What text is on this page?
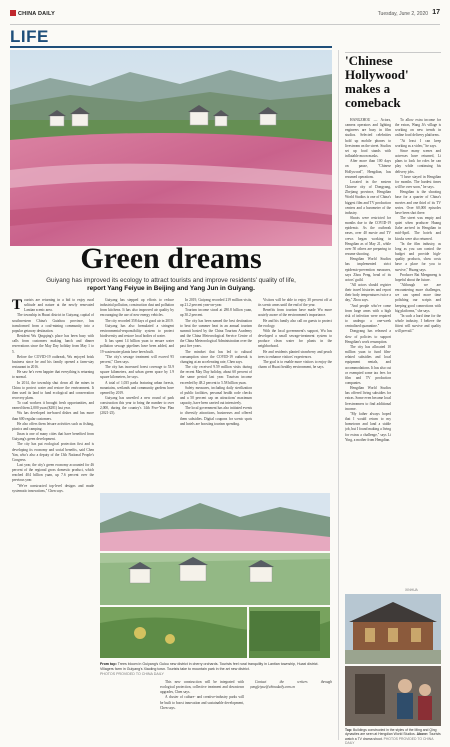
CHINA DAILY	Tuesday, June 2, 2020 17
LIFE
Green dreams
Guiyang has improved its ecology to attract tourists and improve residents' quality of life,
report Yang Feiyue in Beijing and Yang Jun in Guiyang.
T ourists are returning in a bid to enjoy rural solitude and nature at the newly renovated Lantian scenic area.

The township in Huaxi district in Guiyang, capital of southwestern China's Guizhou province, has transformed from a coal-mining community into a popular getaway destination.

Resident Wu Qingqing's place has been busy with calls from customers making lunch and dinner reservations since the May Day holiday from May 1 to 5.

Before the COVID-19 outbreak, Wu enjoyed brisk business since he and his family opened a farm-stay restaurant in 2016.

He saw he's even happier that everything is returning to normal.

In 2014, the township shut down all the mines in China to protect water and restore the environment. It then used its land to fund ecological and conservation recovery plans.

To coal workers it brought fresh opportunities, and earned them 2,000 yuan ($281) last year.

Wu has developed tea-based dishes and has more than 600 regular customers.

He also offers them leisure activities such as fishing, picnics and camping.

Jinan is one of many cities that have benefited from Guiyang's green development.

The city has put ecological protection first and is developing its economy and social benefits, said Chen Yan, who's also a deputy of the 13th National People's Congress.

Last year, the city's green economy accounted for 46 percent of the regional gross domestic product, which reached 404 billion yuan, up 7.6 percent over the previous year.

"We've constructed top-level designs and made systematic innovations," Chen says.

Guiyang has stepped up efforts to reduce industrial pollution, construction dust and pollution from kitchens. It has also improved air quality by encouraging the use of new energy vehicles.

The city recorded 358 days of good air in 2019.

Guiyang has also formulated a stringent environmental-responsibility system to protect biodiversity and restore local bodies of water.

It has spent 14 billion yuan to ensure water pollution sewage pipelines have been added, and 19 wastewater plants have been built.

"The city's sewage treatment will exceed 95 percent," Chen says.

The city has increased forest coverage to 53.9 square kilometers, and urban green space by 1.9 square kilometers, he says.

A total of 1,035 parks featuring urban forests, mountains, wetlands and community gardens have opened by 2019.

Guiyang has unveiled a new round of park construction this year to bring the number to over 2,000, during the country's 14th Five-Year Plan (2021-25).

In 2019, Guiyang recorded 219 million visits, up 21.2 percent year-on-year.

Tourism income stood at 280.8 billion yuan, up 30.2 percent.

The city has been named the best destination to beat the summer heat in an annual tourism summit hosted by the China Tourism Academy and the China Meteorological Service Centre of the China Meteorological Administration over the past five years.

The mindset that has led to cultural consumption since the COVID-19 outbreak is changing at an accelerating rate, Chen says.

The city received 9.59 million visits during the recent May Day holiday, about 60 percent of the same period last year. Tourism income exceeded by 48.2 percent to 5.58 billion yuan.

Safety measures, including daily sterilization of public facilities, personal health code checks and a 50 percent cap on attractions' maximum capacity, have been carried out intensively.

The local government has also initiated events to diversify attractions, businesses and offered them subsidies. Digital coupons for scenic spots and hotels are boosting tourism spending.

Visitors will be able to enjoy 30 percent off at its scenic areas until the end of the year.

Benefits from tourism have made Wu more acutely aware of the environment's importance.

He and his family also call on guests to protect the ecology.

With the local government's support, Wu has developed a small sewage-treatment system to produce clean water for plants in the neighborhood.

He and residents planted strawberry and peach trees to enhance visitors' experiences.

The goal is to enable more visitors to enjoy the charm of Huaxi healthy environment, he says.

From top: Trees bloom in Guiyang's Gulou new district in cherry orchards. Tourists feel rural tranquility in Lantian township, Huaxi district. Villagers farm in Guiyang's Xiaoling town. Tourists take to mountain park in the art new district.
PHOTOS PROVIDED TO CHINA DAILY

This new construction will be integrated with ecological protection, collective treatment and downtown upgrades, Chen says.

A cluster of culture- and creative-industry parks will be built to boost innovation and sustainable development, Chen says.

Contact the writers through yangfeiyue@chinadaily.com.cn

'Chinese Hollywood' makes a comeback

HANGZHOU — Actors, camera operators and lighting engineers are busy in film studios. Selected celebrities hold up mobile phones to livestream on the street. Studios set up food stands with inflatable moon masks.

After more than 100 days on pause, "Chinese Hollywood", Hengdian, has resumed operations.

Located in the eastern Chinese city of Dongyang, Zhejiang province, Hengdian World Studios is one of China's biggest film and TV production centers and a barometer of the industry.

Shoots were restricted for months due to the COVID-19 epidemic. As the outbreak eases, over 40 movie and TV crews began working in Hengdian as of May 21, while over 50 others are preparing to resume shooting.

Hengdian World Studios has implemented strict epidemic-prevention measures, says Zhou Peng, head of its actors' guild.

"All actors should register their travel histories and report their body temperatures twice a day," Zhou says.

"And people who've come from large areas with a high risk of infection were required to undergo a one-week centralized quarantine."

Dongyang has released a slew of policies to support Hengdian's work resumption.

The city has allocated 10 million yuan to fund film-related subsidies and local equipment rentals, and accommodations. It has also cut or exempted some tax fees for film and TV production companies.

Hengdian World Studios has offered living subsidies for extras. Some even became local livestreamers to find additional income.

"My father always hoped that I would return to my hometown and land a stable job, but I found making a living for extras a challenge," says Li Ying, a mother from Hengdian.

To allow extra income for the extras, Wang Ji's village is working on new trends in online food delivery platforms.

"At least I can keep working as a video," he says.

Since many scenes and actresses have returned, Li plans to look for roles he can play while continuing his delivery jobs.

"I have stayed in Hengdian for months. The hardest times will be over soon," he says.

Hengdian is the shooting base for a quarter of China's movies and one third of its TV series. Over 60,000 episodes have been shot there.

The street was empty and quiet when producer Huang Jiahe arrived in Hengdian in mid-April. The hotels and kiosks were also returned.

"In the film industry, as long as you can control the budget and provide high-quality products, show costs have a place for you to survive," Huang says.

Producer Bai Mengmeng is hopeful about the future.

"Although we are encountering more challenges, we can spend more time polishing our scripts and keeping good connections with big platforms," she says.

"In such a hard time for the whole industry, I believe the fittest will survive and quality will prevail."

XINHUA
Top: Buildings constructed in the styles of the Ming and Qing dynasties are seen at Hengdian World Studios. Above: Tourists watch a TV drama shoot. PHOTOS PROVIDED TO CHINA DAILY
